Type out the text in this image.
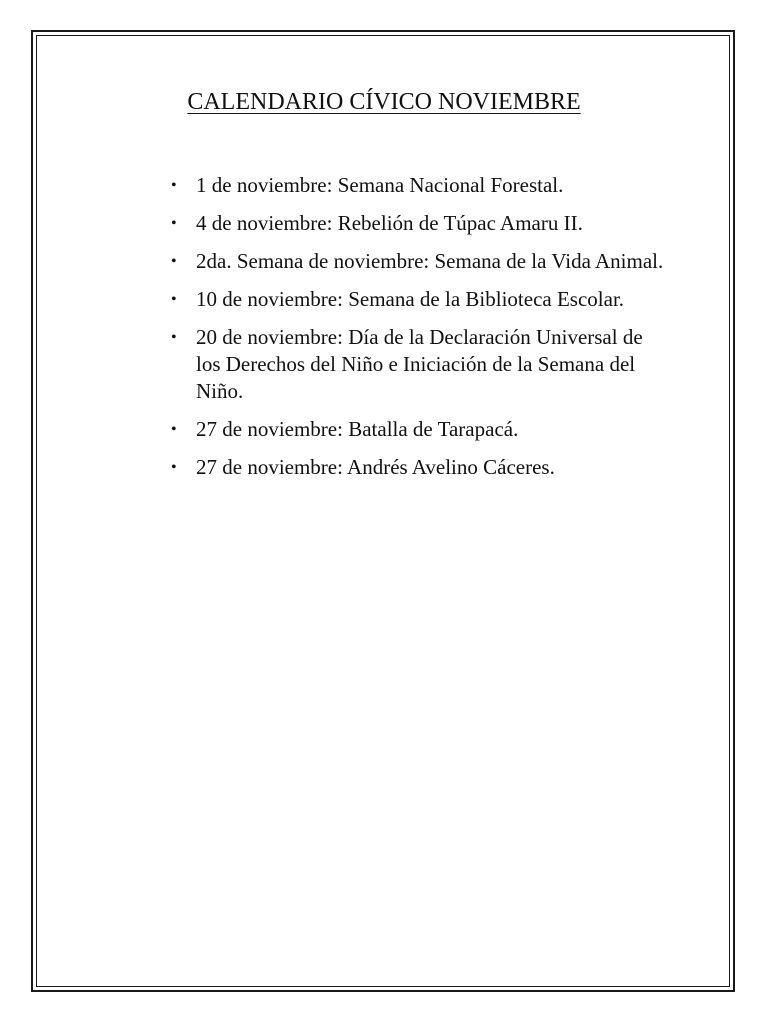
CALENDARIO CÍVICO NOVIEMBRE
• 1 de noviembre: Semana Nacional Forestal.
• 4 de noviembre: Rebelión de Túpac Amaru II.
• 2da. Semana de noviembre: Semana de la Vida Animal.
• 10 de noviembre: Semana de la Biblioteca Escolar.
• 20 de noviembre: Día de la Declaración Universal de los Derechos del Niño e Iniciación de la Semana del Niño.
• 27 de noviembre: Batalla de Tarapacá.
• 27 de noviembre: Andrés Avelino Cáceres.
